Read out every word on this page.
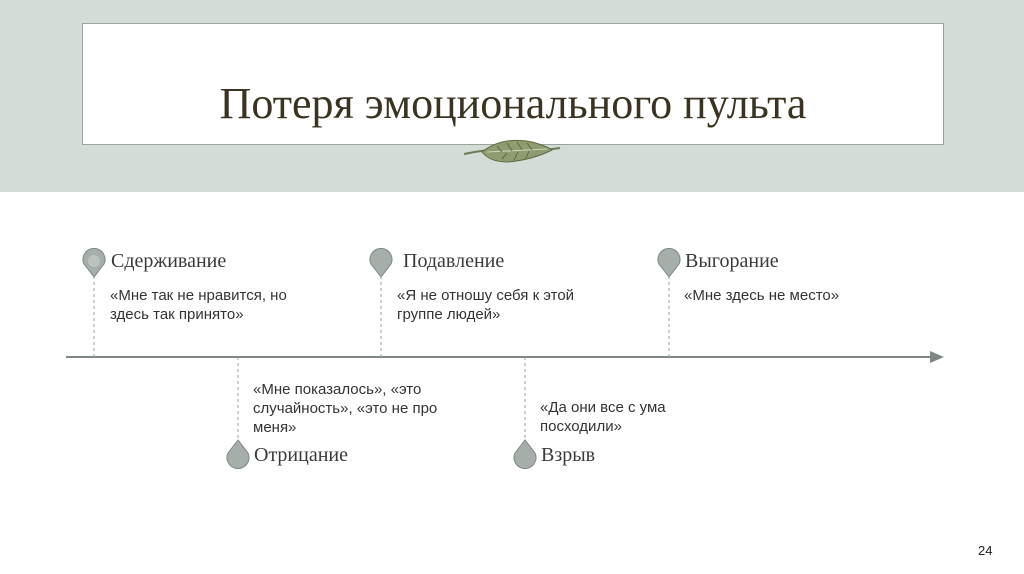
Потеря эмоционального пульта
Сдерживание
«Мне так не нравится, но
здесь так принято»
Подавление
«Я не отношу себя к этой
группе людей»
Выгорание
«Мне здесь не место»
«Мне показалось», «это
случайность», «это не про
меня»
Отрицание
«Да они все с ума
посходили»
Взрыв
24
